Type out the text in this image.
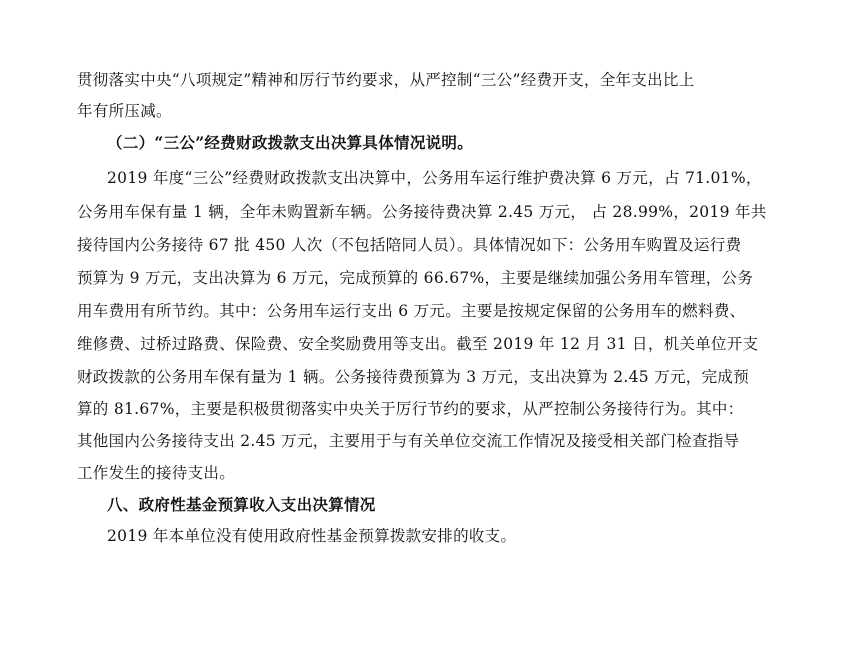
贯彻落实中央“八项规定”精神和厉行节约要求，从严控制“三公”经费开支，全年支出比上
年有所压减。
（二）“三公”经费财政拨款支出决算具体情况说明。
2019 年度“三公”经费财政拨款支出决算中，公务用车运行维护费决算 6 万元，占 71.01%，
公务用车保有量 1 辆，全年未购置新车辆。公务接待费决算 2.45 万元， 占 28.99%，2019 年共
接待国内公务接待 67 批 450 人次（不包括陪同人员）。具体情况如下：公务用车购置及运行费
预算为 9 万元，支出决算为 6 万元，完成预算的 66.67%，主要是继续加强公务用车管理，公务
用车费用有所节约。其中：公务用车运行支出 6 万元。主要是按规定保留的公务用车的燃料费、
维修费、过桥过路费、保险费、安全奖励费用等支出。截至 2019 年 12 月 31 日，机关单位开支
财政拨款的公务用车保有量为 1 辆。公务接待费预算为 3 万元，支出决算为 2.45 万元，完成预
算的 81.67%，主要是积极贯彻落实中央关于厉行节约的要求，从严控制公务接待行为。其中：
其他国内公务接待支出 2.45 万元，主要用于与有关单位交流工作情况及接受相关部门检查指导
工作发生的接待支出。
八、政府性基金预算收入支出决算情况
2019 年本单位没有使用政府性基金预算拨款安排的收支。
